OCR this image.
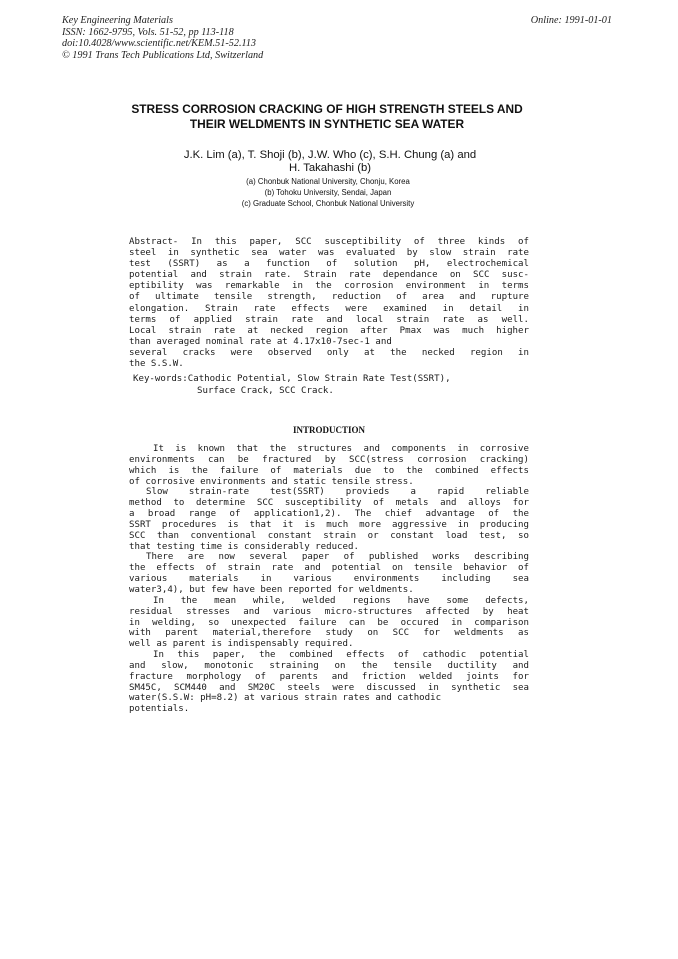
Key Engineering Materials
ISSN: 1662-9795, Vols. 51-52, pp 113-118
doi:10.4028/www.scientific.net/KEM.51-52.113
© 1991 Trans Tech Publications Ltd, Switzerland
Online: 1991-01-01
STRESS CORROSION CRACKING OF HIGH STRENGTH STEELS AND
THEIR WELDMENTS IN SYNTHETIC SEA WATER
J.K. Lim (a), T. Shoji (b), J.W. Who (c), S.H. Chung (a) and
H. Takahashi (b)
(a) Chonbuk National University, Chonju, Korea
(b) Tohoku University, Sendai, Japan
(c) Graduate School, Chonbuk National University
Abstract- In this paper, SCC susceptibility of three kinds of
steel in synthetic sea water was evaluated by slow strain rate
test (SSRT) as a function of solution pH, electrochemical
potential and strain rate. Strain rate dependance on SCC susc-
eptibility was remarkable in the corrosion environment in terms
of ultimate tensile strength, reduction of area and rupture
elongation. Strain rate effects were examined in detail in
terms of applied strain rate and local strain rate as well.
Local strain rate at necked region after Pmax was much higher
than averaged nominal rate at 4.17x10-7sec-1 and
several cracks were observed only at the necked region in
the S.S.W.
Key-words:Cathodic Potential, Slow Strain Rate Test(SSRT),
Surface Crack, SCC Crack.
INTRODUCTION
It is known that the structures and components in corrosive
environments can be fractured by SCC(stress corrosion cracking)
which is the failure of materials due to the combined effects
of corrosive environments and static tensile stress.
Slow strain-rate test(SSRT) provieds a rapid reliable
method to determine SCC susceptibility of metals and alloys for
a broad range of application1,2). The chief advantage of the
SSRT procedures is that it is much more aggressive in producing
SCC than conventional constant strain or constant load test, so
that testing time is considerably reduced.
There are now several paper of published works describing
the effects of strain rate and potential on tensile behavior of
various materials in various environments including sea
water3,4), but few have been reported for weldments.
In the mean while, welded regions have some defects,
residual stresses and various micro-structures affected by heat
in welding, so unexpected failure can be occured in comparison
with parent material,therefore study on SCC for weldments as
well as parent is indispensably required.
In this paper, the combined effects of cathodic potential
and slow, monotonic straining on the tensile ductility and
fracture morphology of parents and friction welded joints for
SM45C, SCM440 and SM20C steels were discussed in synthetic sea
water(S.S.W: pH=8.2) at various strain rates and cathodic
potentials.
